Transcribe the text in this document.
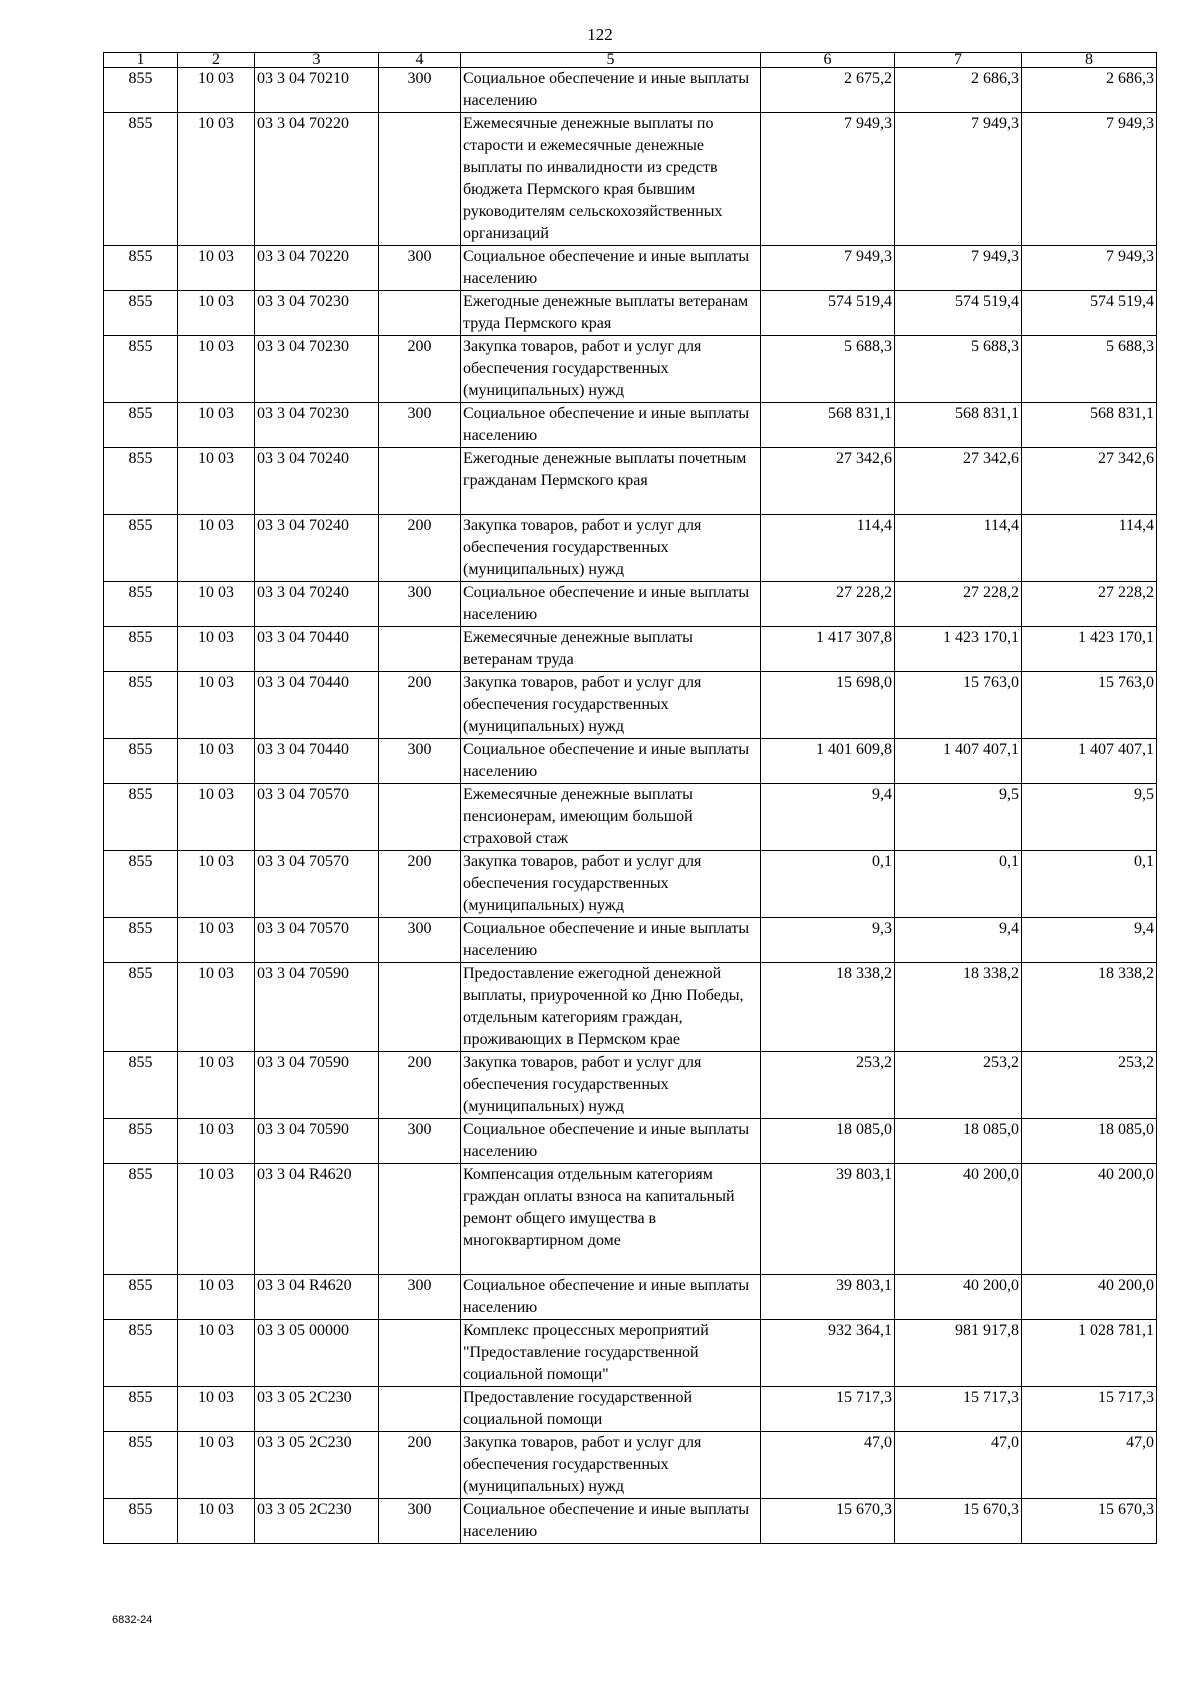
122
1	2	3	4	5	6	7	8
855	10 03	03 3 04 70210	300	Социальное обеспечение и иные выплаты населению	2 675,2	2 686,3	2 686,3
855	10 03	03 3 04 70220		Ежемесячные денежные выплаты по старости и ежемесячные денежные выплаты по инвалидности из средств бюджета Пермского края бывшим руководителям сельскохозяйственных организаций	7 949,3	7 949,3	7 949,3
855	10 03	03 3 04 70220	300	Социальное обеспечение и иные выплаты населению	7 949,3	7 949,3	7 949,3
855	10 03	03 3 04 70230		Ежегодные денежные выплаты ветеранам труда Пермского края	574 519,4	574 519,4	574 519,4
855	10 03	03 3 04 70230	200	Закупка товаров, работ и услуг для обеспечения государственных (муниципальных) нужд	5 688,3	5 688,3	5 688,3
855	10 03	03 3 04 70230	300	Социальное обеспечение и иные выплаты населению	568 831,1	568 831,1	568 831,1
855	10 03	03 3 04 70240		Ежегодные денежные выплаты почетным гражданам Пермского края	27 342,6	27 342,6	27 342,6
855	10 03	03 3 04 70240	200	Закупка товаров, работ и услуг для обеспечения государственных (муниципальных) нужд	114,4	114,4	114,4
855	10 03	03 3 04 70240	300	Социальное обеспечение и иные выплаты населению	27 228,2	27 228,2	27 228,2
855	10 03	03 3 04 70440		Ежемесячные денежные выплаты ветеранам труда	1 417 307,8	1 423 170,1	1 423 170,1
855	10 03	03 3 04 70440	200	Закупка товаров, работ и услуг для обеспечения государственных (муниципальных) нужд	15 698,0	15 763,0	15 763,0
855	10 03	03 3 04 70440	300	Социальное обеспечение и иные выплаты населению	1 401 609,8	1 407 407,1	1 407 407,1
855	10 03	03 3 04 70570		Ежемесячные денежные выплаты пенсионерам, имеющим большой страховой стаж	9,4	9,5	9,5
855	10 03	03 3 04 70570	200	Закупка товаров, работ и услуг для обеспечения государственных (муниципальных) нужд	0,1	0,1	0,1
855	10 03	03 3 04 70570	300	Социальное обеспечение и иные выплаты населению	9,3	9,4	9,4
855	10 03	03 3 04 70590		Предоставление ежегодной денежной выплаты, приуроченной ко Дню Победы, отдельным категориям граждан, проживающих в Пермском крае	18 338,2	18 338,2	18 338,2
855	10 03	03 3 04 70590	200	Закупка товаров, работ и услуг для обеспечения государственных (муниципальных) нужд	253,2	253,2	253,2
855	10 03	03 3 04 70590	300	Социальное обеспечение и иные выплаты населению	18 085,0	18 085,0	18 085,0
855	10 03	03 3 04 R4620		Компенсация отдельным категориям граждан оплаты взноса на капитальный ремонт общего имущества в многоквартирном доме	39 803,1	40 200,0	40 200,0
855	10 03	03 3 04 R4620	300	Социальное обеспечение и иные выплаты населению	39 803,1	40 200,0	40 200,0
855	10 03	03 3 05 00000		Комплекс процессных мероприятий "Предоставление государственной социальной помощи"	932 364,1	981 917,8	1 028 781,1
855	10 03	03 3 05 2С230		Предоставление государственной социальной помощи	15 717,3	15 717,3	15 717,3
855	10 03	03 3 05 2С230	200	Закупка товаров, работ и услуг для обеспечения государственных (муниципальных) нужд	47,0	47,0	47,0
855	10 03	03 3 05 2С230	300	Социальное обеспечение и иные выплаты населению	15 670,3	15 670,3	15 670,3
6832-24
